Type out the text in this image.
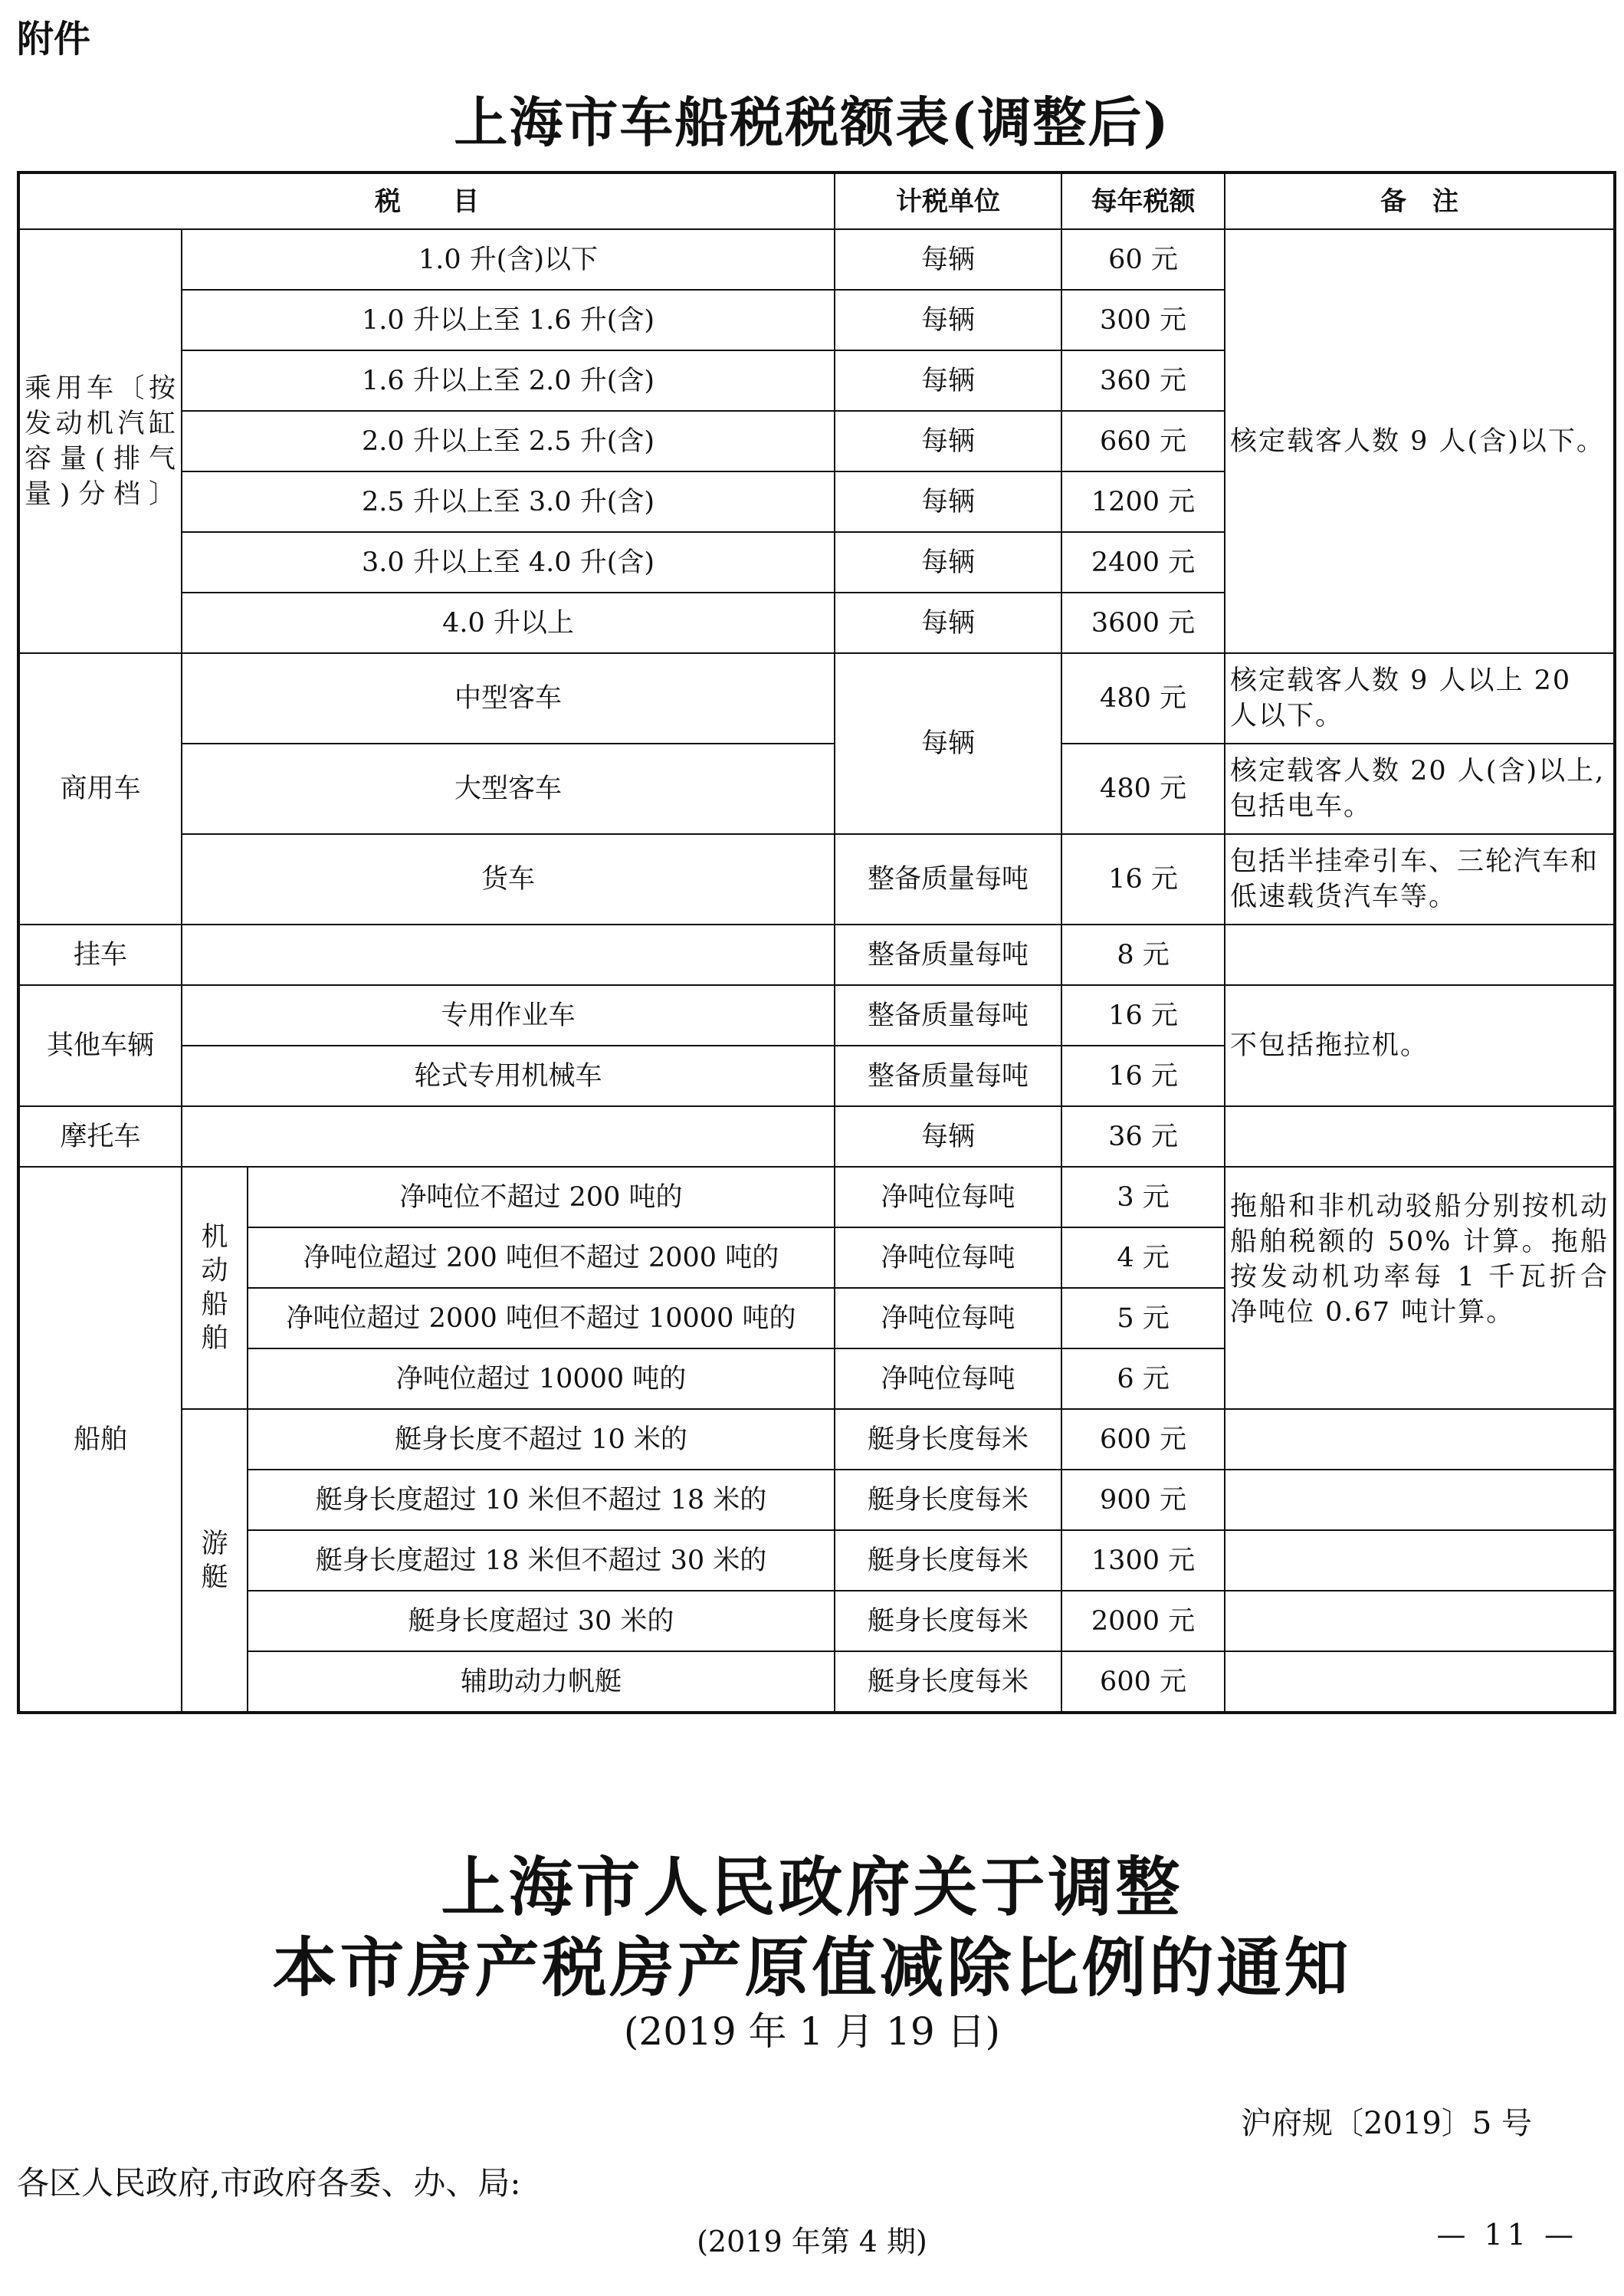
附件
上海市车船税税额表(调整后)
税　　目			计税单位	每年税额	备　注
乘用车〔按发动机汽缸容量(排气量)分档〕	1.0 升(含)以下		每辆	60 元	核定载客人数 9 人(含)以下。
	1.0 升以上至 1.6 升(含)		每辆	300 元	
	1.6 升以上至 2.0 升(含)		每辆	360 元	
	2.0 升以上至 2.5 升(含)		每辆	660 元	
	2.5 升以上至 3.0 升(含)		每辆	1200 元	
	3.0 升以上至 4.0 升(含)		每辆	2400 元	
	4.0 升以上		每辆	3600 元	
商用车	中型客车		每辆	480 元	核定载客人数 9 人以上 20 人以下。
	大型客车			480 元	核定载客人数 20 人(含)以上,包括电车。
	货车		整备质量每吨	16 元	包括半挂牵引车、三轮汽车和低速载货汽车等。
挂车			整备质量每吨	8 元	
其他车辆	专用作业车		整备质量每吨	16 元	不包括拖拉机。
	轮式专用机械车		整备质量每吨	16 元	
摩托车			每辆	36 元	
船舶	机动船舶	净吨位不超过 200 吨的	净吨位每吨	3 元	拖船和非机动驳船分别按机动船舶税额的 50% 计算。拖船按发动机功率每 1 千瓦折合净吨位 0.67 吨计算。
		净吨位超过 200 吨但不超过 2000 吨的	净吨位每吨	4 元	
		净吨位超过 2000 吨但不超过 10000 吨的	净吨位每吨	5 元	
		净吨位超过 10000 吨的	净吨位每吨	6 元	
	游艇	艇身长度不超过 10 米的	艇身长度每米	600 元	
		艇身长度超过 10 米但不超过 18 米的	艇身长度每米	900 元	
		艇身长度超过 18 米但不超过 30 米的	艇身长度每米	1300 元	
		艇身长度超过 30 米的	艇身长度每米	2000 元	
		辅助动力帆艇	艇身长度每米	600 元	
上海市人民政府关于调整
本市房产税房产原值减除比例的通知
(2019 年 1 月 19 日)
沪府规〔2019〕5 号
各区人民政府,市政府各委、办、局:
(2019 年第 4 期)	— 11 —
